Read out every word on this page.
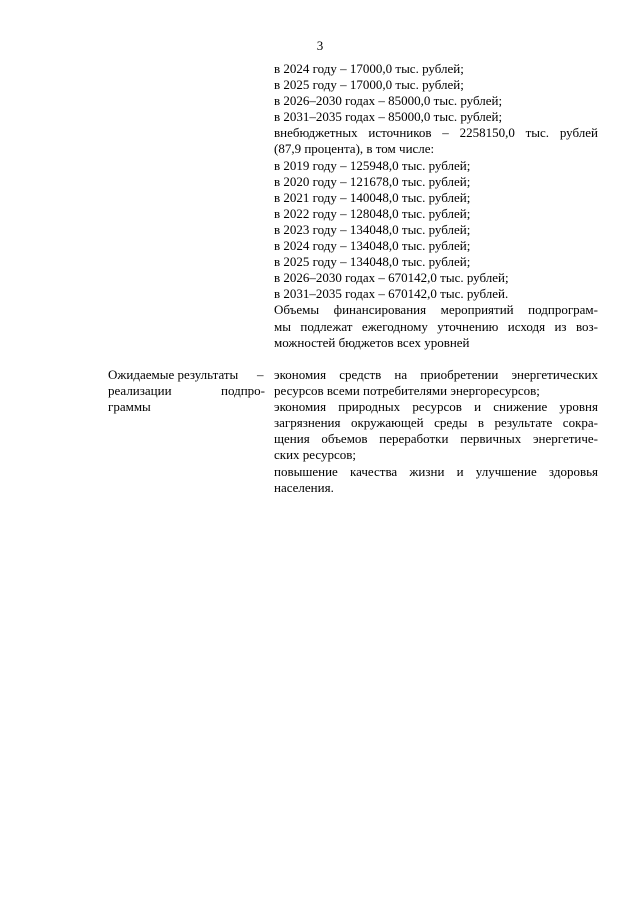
3
в 2024 году – 17000,0 тыс. рублей;
в 2025 году – 17000,0 тыс. рублей;
в 2026–2030 годах – 85000,0 тыс. рублей;
в 2031–2035 годах – 85000,0 тыс. рублей;
внебюджетных источников – 2258150,0 тыс. рублей
(87,9 процента), в том числе:
в 2019 году – 125948,0 тыс. рублей;
в 2020 году – 121678,0 тыс. рублей;
в 2021 году – 140048,0 тыс. рублей;
в 2022 году – 128048,0 тыс. рублей;
в 2023 году – 134048,0 тыс. рублей;
в 2024 году – 134048,0 тыс. рублей;
в 2025 году – 134048,0 тыс. рублей;
в 2026–2030 годах – 670142,0 тыс. рублей;
в 2031–2035 годах – 670142,0 тыс. рублей.
Объемы финансирования мероприятий подпрограм-
мы подлежат ежегодному уточнению исходя из воз-
можностей бюджетов всех уровней
Ожидаемые результаты
реализации подпро-
граммы
– экономия средств на приобретении энергетических
ресурсов всеми потребителями энергоресурсов;
экономия природных ресурсов и снижение уровня
загрязнения окружающей среды в результате сокра-
щения объемов переработки первичных энергетиче-
ских ресурсов;
повышение качества жизни и улучшение здоровья
населения.
